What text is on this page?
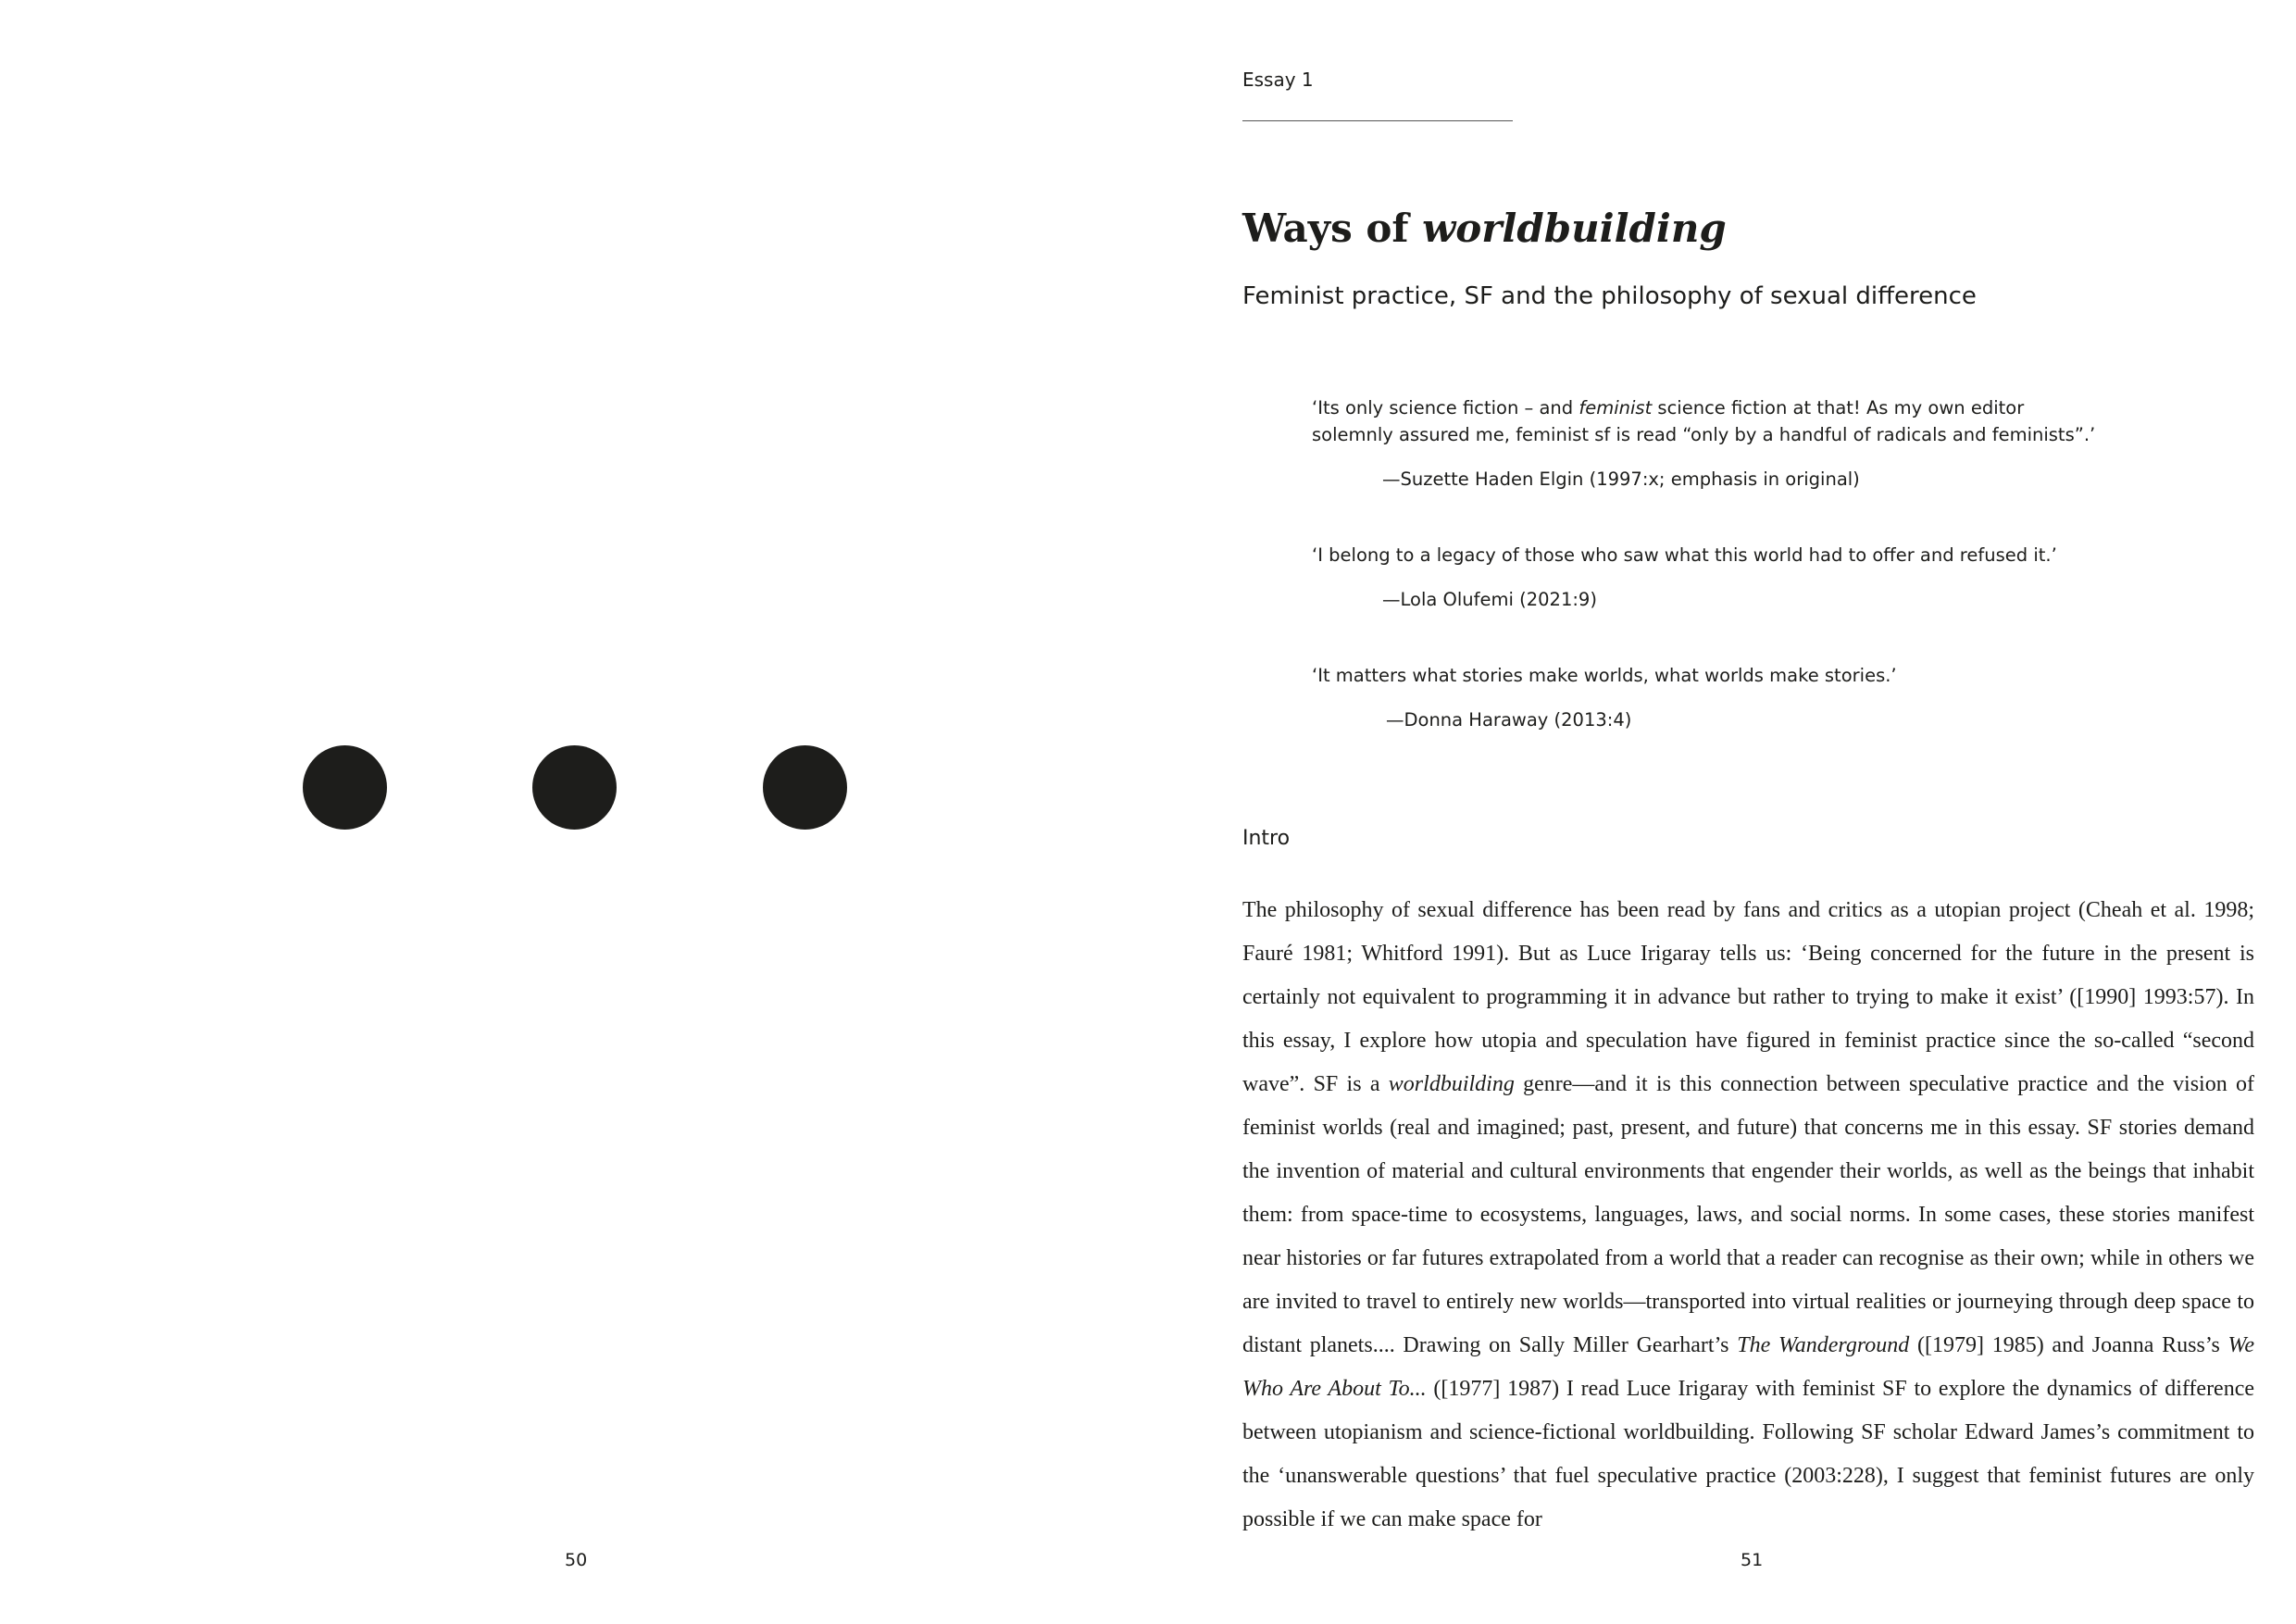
50
Essay 1
Ways of worldbuilding

Feminist practice, SF and the philosophy of sexual difference

‘Its only science fiction – and feminist science fiction at that! As my own editor

solemnly assured me, feminist sf is read “only by a handful of radicals and feminists”.’

—Suzette Haden Elgin (1997:x; emphasis in original)

‘I belong to a legacy of those who saw what this world had to offer and refused it.’

—Lola Olufemi (2021:9)

‘It matters what stories make worlds, what worlds make stories.’

—Donna Haraway (2013:4)

Intro

The philosophy of sexual difference has been read by fans and critics as a utopian project (Cheah et al. 1998; Fauré 1981; Whitford 1991). But as Luce Irigaray tells us: ‘Being concerned for the future in the present is certainly not equivalent to programming it in advance but rather to trying to make it exist’ ([1990] 1993:57). In this essay, I explore how utopia and speculation have figured in feminist practice since the so-called “second wave”. SF is a worldbuilding genre—and it is this connection between speculative practice and the vision of feminist worlds (real and imagined; past, present, and future) that concerns me in this essay. SF stories demand the invention of material and cultural environments that engender their worlds, as well as the beings that inhabit them: from space-time to ecosystems, languages, laws, and social norms. In some cases, these stories manifest near histories or far futures extrapolated from a world that a reader can recognise as their own; while in others we are invited to travel to entirely new worlds—transported into virtual realities or journeying through deep space to distant planets.... Drawing on Sally Miller Gearhart’s The Wanderground ([1979] 1985) and Joanna Russ’s We Who Are About To... ([1977] 1987) I read Luce Irigaray with feminist SF to explore the dynamics of difference between utopianism and science-fictional worldbuilding. Following SF scholar Edward James’s commitment to the ‘unanswerable questions’ that fuel speculative practice (2003:228), I suggest that feminist futures are only possible if we can make space for

51
